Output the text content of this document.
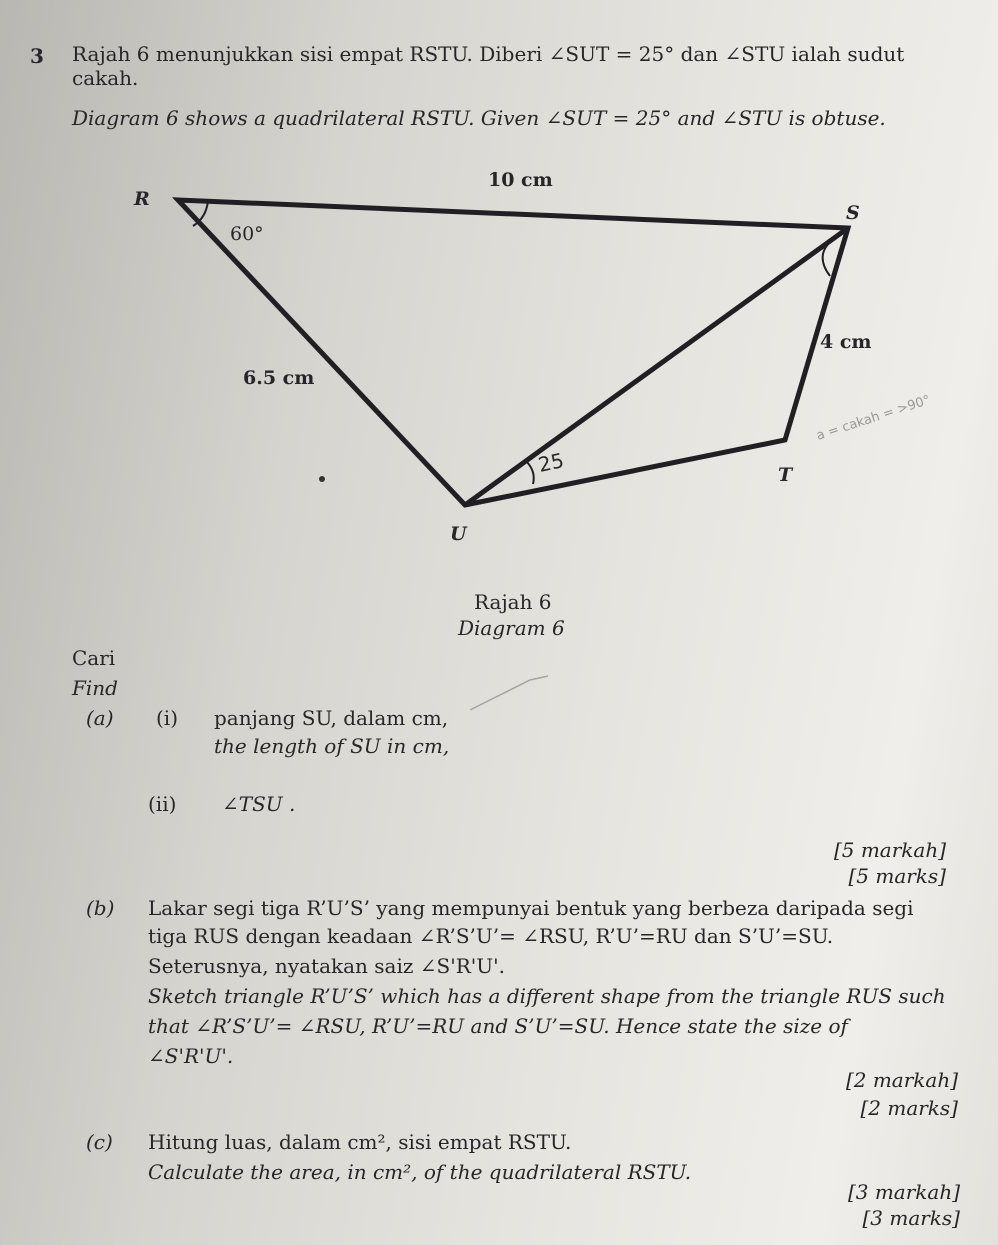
3 Rajah 6 menunjukkan sisi empat RSTU. Diberi ∠SUT = 25° dan ∠STU ialah sudut
cakah.
Diagram 6 shows a quadrilateral RSTU. Given ∠SUT = 25° and ∠STU is obtuse.
R
S
T
U
10 cm
60°
6.5 cm
4 cm
25
a = cakah = >90°
Rajah 6
Diagram 6
Cari
Find
(a) (i) panjang SU, dalam cm,
the length of SU in cm,
(ii) ∠TSU .
[5 markah]
[5 marks]
(b) Lakar segi tiga R’U’S’ yang mempunyai bentuk yang berbeza daripada segi
tiga RUS dengan keadaan ∠R’S’U’= ∠RSU, R’U’=RU dan S’U’=SU.
Seterusnya, nyatakan saiz ∠S'R'U'.
Sketch triangle R’U’S’ which has a different shape from the triangle RUS such
that ∠R’S’U’= ∠RSU, R’U’=RU and S’U’=SU. Hence state the size of
∠S'R'U'.
[2 markah]
[2 marks]
(c) Hitung luas, dalam cm², sisi empat RSTU.
Calculate the area, in cm², of the quadrilateral RSTU.
[3 markah]
[3 marks]
